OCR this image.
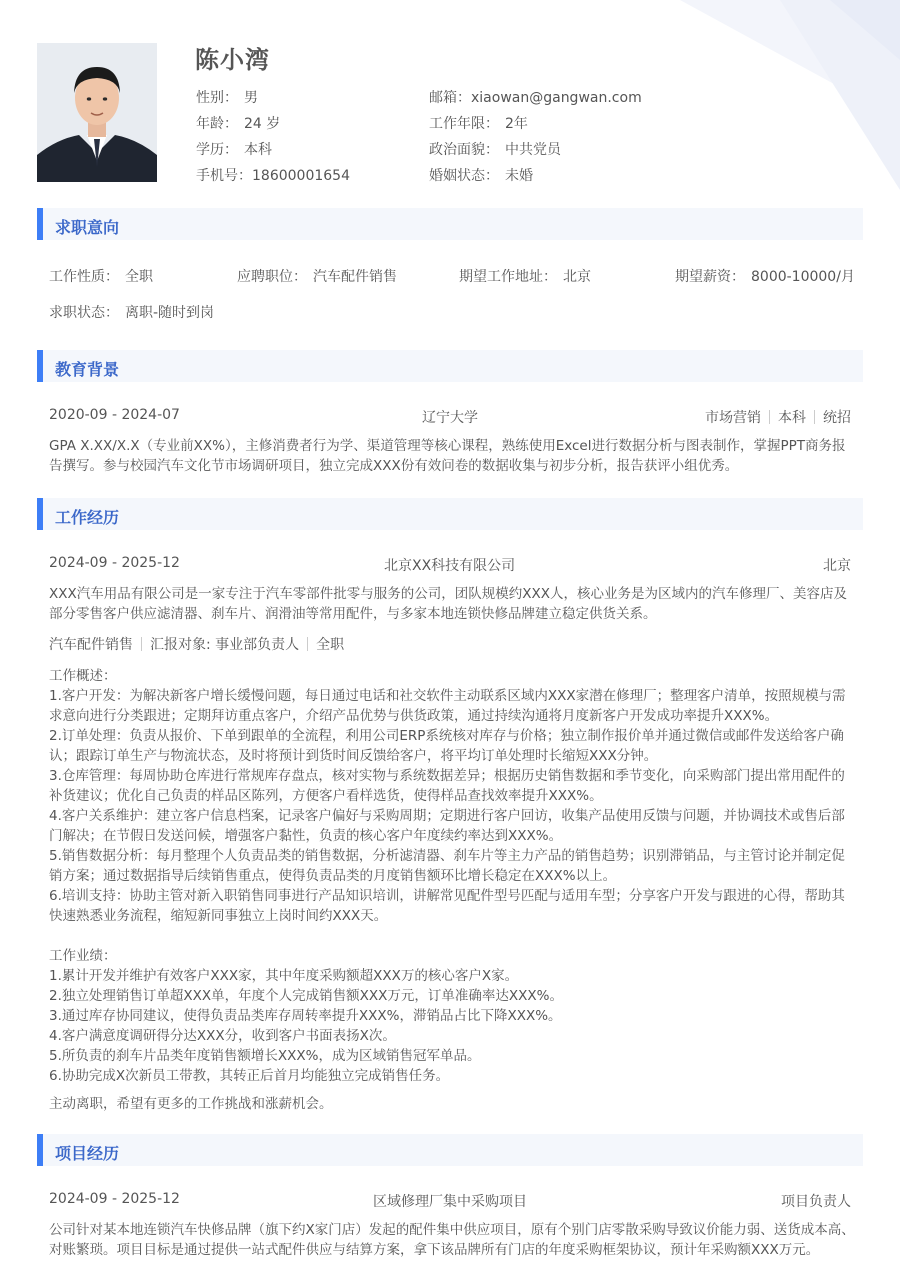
陈小湾
性别： 男
年龄： 24 岁
学历： 本科
手机号：18600001654
邮箱：xiaowan@gangwan.com
工作年限： 2年
政治面貌： 中共党员
婚姻状态： 未婚
求职意向
工作性质： 全职	应聘职位： 汽车配件销售	期望工作地址： 北京	期望薪资： 8000-10000/月
求职状态： 离职-随时到岗
教育背景
2020-09 - 2024-07	辽宁大学	市场营销 本科 统招
GPA X.XX/X.X（专业前XX%），主修消费者行为学、渠道管理等核心课程，熟练使用Excel进行数据分析与图表制作，掌握PPT商务报告撰写。参与校园汽车文化节市场调研项目，独立完成XXX份有效问卷的数据收集与初步分析，报告获评小组优秀。
工作经历
2024-09 - 2025-12	北京XX科技有限公司	北京
XXX汽车用品有限公司是一家专注于汽车零部件批零与服务的公司，团队规模约XXX人，核心业务是为区域内的汽车修理厂、美容店及部分零售客户供应滤清器、刹车片、润滑油等常用配件，与多家本地连锁快修品牌建立稳定供货关系。
汽车配件销售 汇报对象: 事业部负责人 全职
工作概述：
1.客户开发：为解决新客户增长缓慢问题，每日通过电话和社交软件主动联系区域内XXX家潜在修理厂；整理客户清单，按照规模与需求意向进行分类跟进；定期拜访重点客户，介绍产品优势与供货政策，通过持续沟通将月度新客户开发成功率提升XXX%。
2.订单处理：负责从报价、下单到跟单的全流程，利用公司ERP系统核对库存与价格；独立制作报价单并通过微信或邮件发送给客户确认；跟踪订单生产与物流状态，及时将预计到货时间反馈给客户，将平均订单处理时长缩短XXX分钟。
3.仓库管理：每周协助仓库进行常规库存盘点，核对实物与系统数据差异；根据历史销售数据和季节变化，向采购部门提出常用配件的补货建议；优化自己负责的样品区陈列，方便客户看样选货，使得样品查找效率提升XXX%。
4.客户关系维护：建立客户信息档案，记录客户偏好与采购周期；定期进行客户回访，收集产品使用反馈与问题，并协调技术或售后部门解决；在节假日发送问候，增强客户黏性，负责的核心客户年度续约率达到XXX%。
5.销售数据分析：每月整理个人负责品类的销售数据，分析滤清器、刹车片等主力产品的销售趋势；识别滞销品，与主管讨论并制定促销方案；通过数据指导后续销售重点，使得负责品类的月度销售额环比增长稳定在XXX%以上。
6.培训支持：协助主管对新入职销售同事进行产品知识培训，讲解常见配件型号匹配与适用车型；分享客户开发与跟进的心得，帮助其快速熟悉业务流程，缩短新同事独立上岗时间约XXX天。
工作业绩：
1.累计开发并维护有效客户XXX家，其中年度采购额超XXX万的核心客户X家。
2.独立处理销售订单超XXX单，年度个人完成销售额XXX万元，订单准确率达XXX%。
3.通过库存协同建议，使得负责品类库存周转率提升XXX%，滞销品占比下降XXX%。
4.客户满意度调研得分达XXX分，收到客户书面表扬X次。
5.所负责的刹车片品类年度销售额增长XXX%，成为区域销售冠军单品。
6.协助完成X次新员工带教，其转正后首月均能独立完成销售任务。
主动离职，希望有更多的工作挑战和涨薪机会。
项目经历
2024-09 - 2025-12	区域修理厂集中采购项目	项目负责人
公司针对某本地连锁汽车快修品牌（旗下约X家门店）发起的配件集中供应项目，原有个别门店零散采购导致议价能力弱、送货成本高、对账繁琐。项目目标是通过提供一站式配件供应与结算方案，拿下该品牌所有门店的年度采购框架协议，预计年采购额XXX万元。
